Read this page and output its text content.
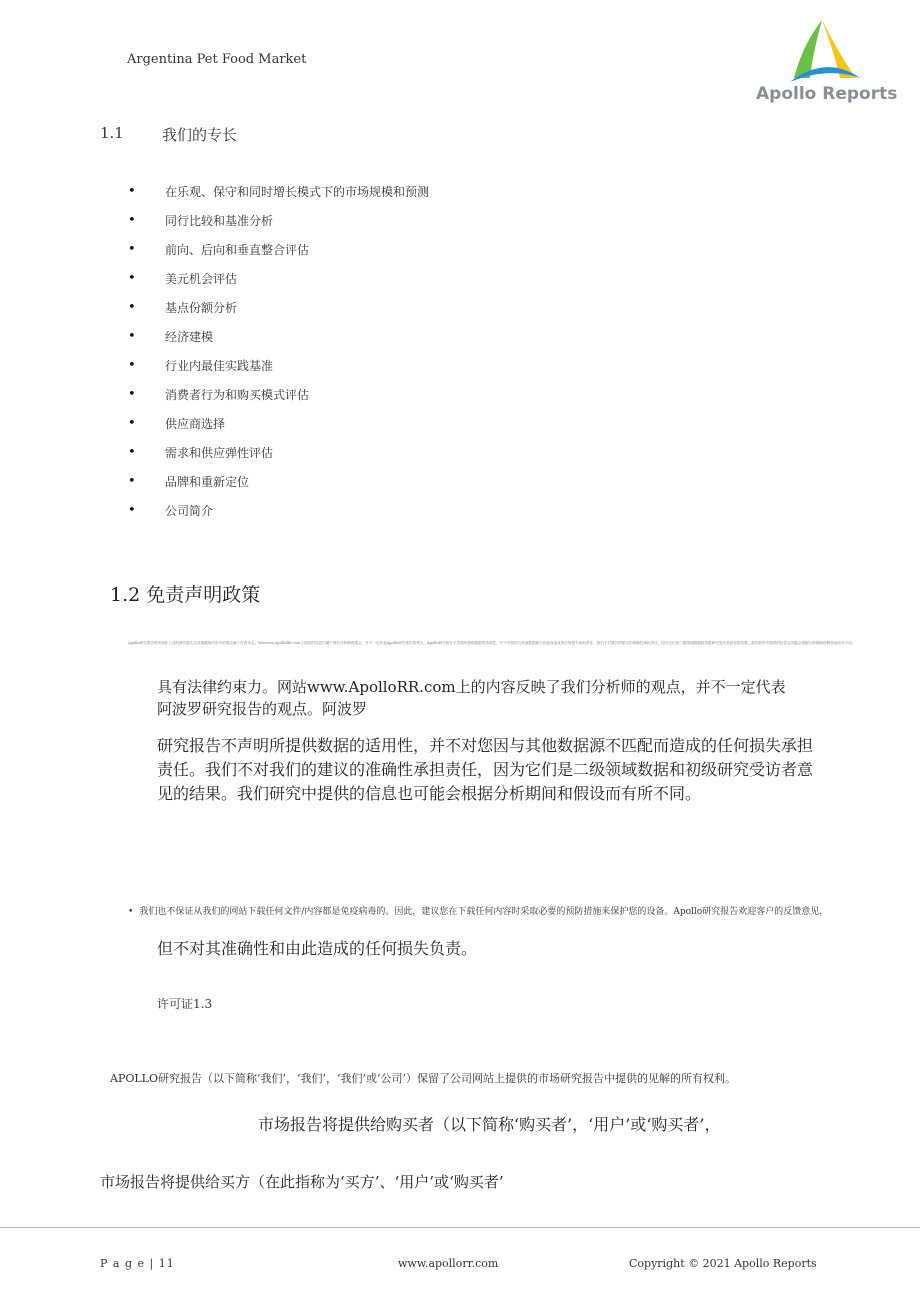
Argentina Pet Food Market
Apollo Reports
1.1	我们的专长
• 在乐观、保守和同时增长模式下的市场规模和预测
• 同行比较和基准分析
• 前向、后向和垂直整合评估
• 美元机会评估
• 基点份额分析
• 经济建模
• 行业内最佳实践基准
• 消费者行为和购买模式评估
• 供应商选择
• 需求和供应弹性评估
• 品牌和重新定位
• 公司简介
1.2 免责声明政策
Apollo研究报告使用和在上述的研究报告以及数据的内容中的观点属于作者本人。Wwwww.ApolloRR.com上提供的信息只属于我们分析师的观点，并不一定代表Apollo研究报告的观点。Apollo研究报告不声明所提供数据的适用性，并不对您因与其他数据源不匹配而造成的任何损失承担责任。我们不对我们的建议的准确性承担责任，因为它们是二级领域数据和初级研究受访者意见的结果。我们研究中提供的信息也可能会根据分析期间和假设而有所不同。
具有法律约束力。网站www.ApolloRR.com上的内容反映了我们分析师的观点，并不一定代表阿波罗研究报告的观点。阿波罗
研究报告不声明所提供数据的适用性，并不对您因与其他数据源不匹配而造成的任何损失承担责任。我们不对我们的建议的准确性承担责任，因为它们是二级领域数据和初级研究受访者意见的结果。我们研究中提供的信息也可能会根据分析期间和假设而有所不同。
• 我们也不保证从我们的网站下载任何文件/内容都是免疫病毒的。因此，建议您在下载任何内容时采取必要的预防措施来保护您的设备。Apollo研究报告欢迎客户的反馈意见，
但不对其准确性和由此造成的任何损失负责。
许可证1.3
APOLLO研究报告（以下简称‘我们’，‘我们’，‘我们’或‘公司’）保留了公司网站上提供的市场研究报告中提供的见解的所有权利。
市场报告将提供给购买者（以下简称‘购买者’，‘用户’或‘购买者’，
市场报告将提供给买方（在此指称为‘买方’、‘用户’或‘购买者’
P a g e | 11	www.apollorr.com	Copyright © 2021 Apollo Reports
